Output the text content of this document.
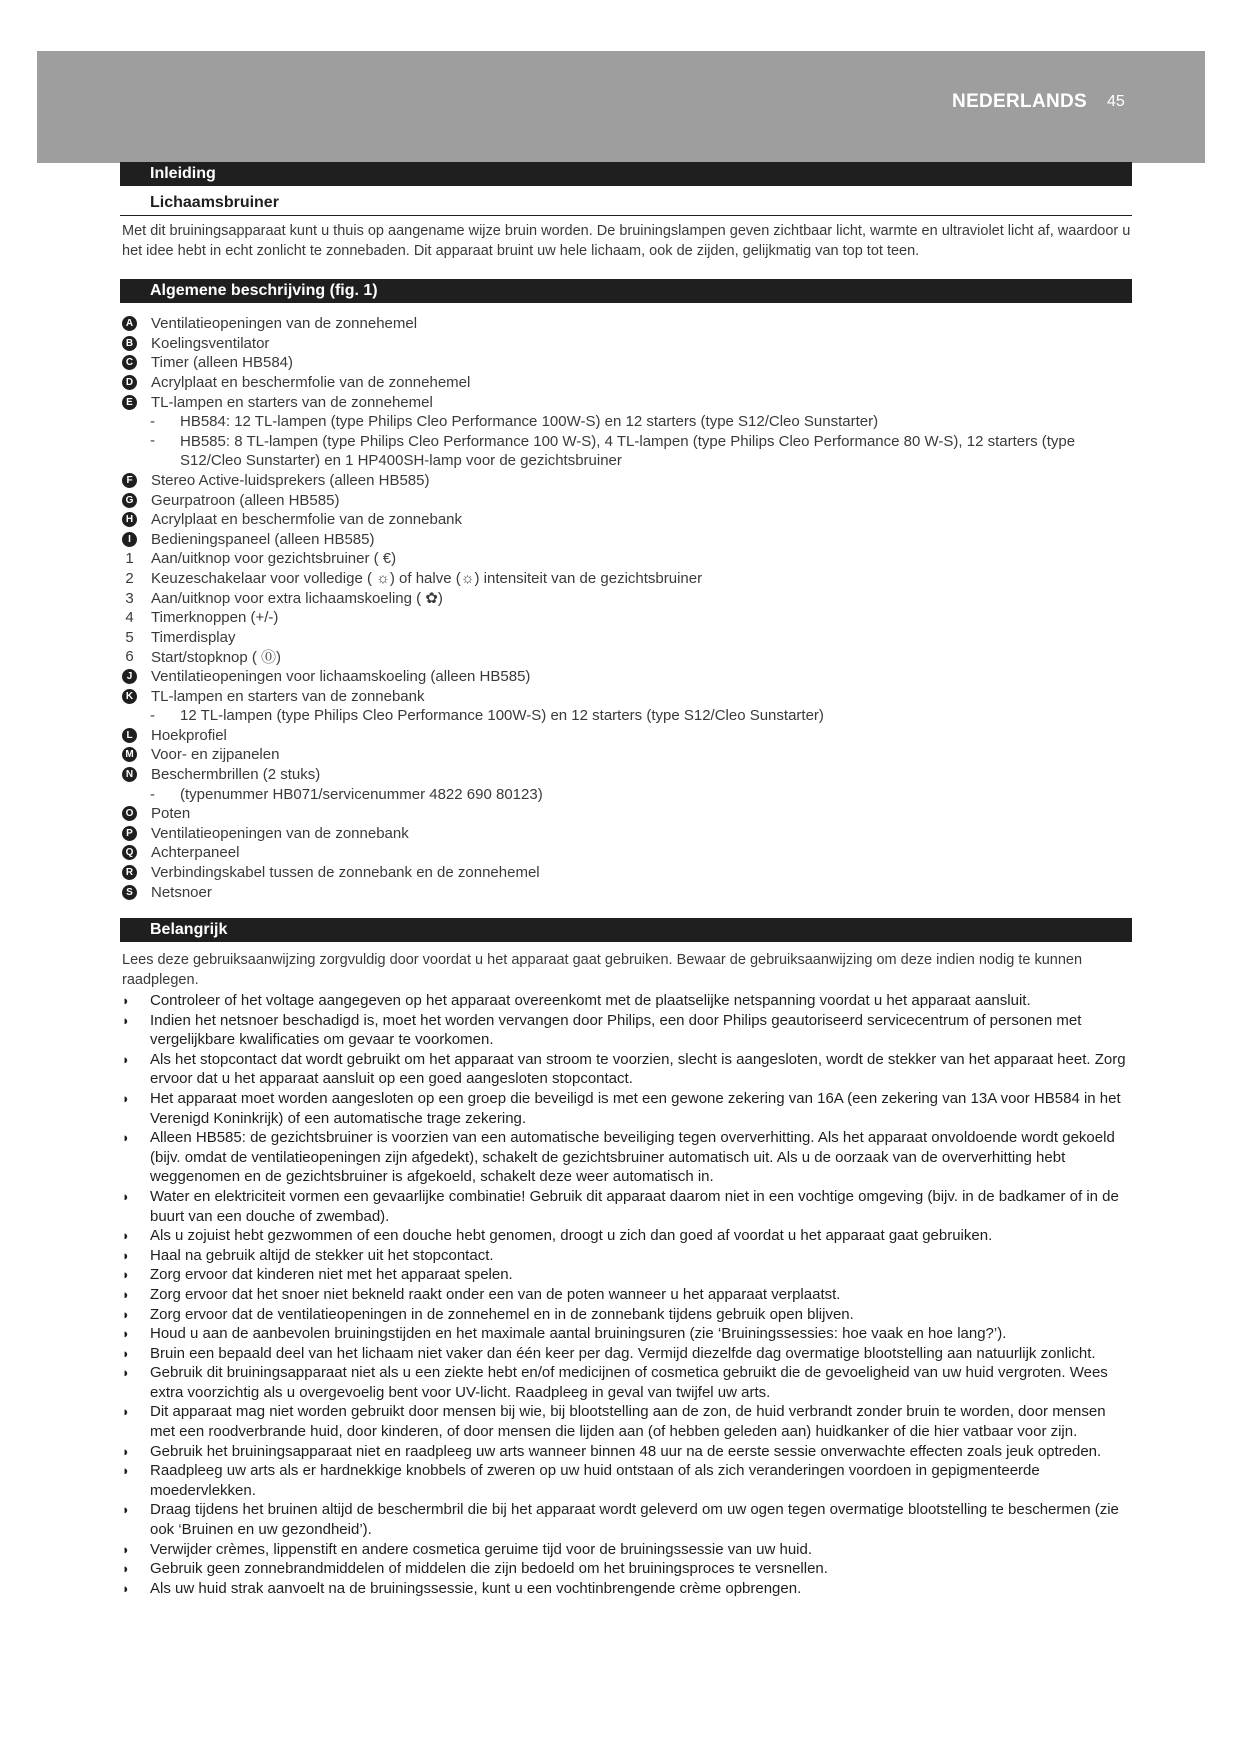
NEDERLANDS 45
Inleiding
Lichaamsbruiner
Met dit bruiningsapparaat kunt u thuis op aangename wijze bruin worden. De bruiningslampen geven zichtbaar licht, warmte en ultraviolet licht af, waardoor u het idee hebt in echt zonlicht te zonnebaden. Dit apparaat bruint uw hele lichaam, ook de zijden, gelijkmatig van top tot teen.
Algemene beschrijving (fig. 1)
A Ventilatieopeningen van de zonnehemel
B Koelingsventilator
C Timer (alleen HB584)
D Acrylplaat en beschermfolie van de zonnehemel
E TL-lampen en starters van de zonnehemel
-	HB584: 12 TL-lampen (type Philips Cleo Performance 100W-S) en 12 starters (type S12/Cleo Sunstarter)
-	HB585: 8 TL-lampen (type Philips Cleo Performance 100 W-S), 4 TL-lampen (type Philips Cleo Performance 80 W-S), 12 starters (type S12/Cleo Sunstarter) en 1 HP400SH-lamp voor de gezichtsbruiner
F Stereo Active-luidsprekers (alleen HB585)
G Geurpatroon (alleen HB585)
H Acrylplaat en beschermfolie van de zonnebank
I	Bedieningspaneel (alleen HB585)
1 Aan/uitknop voor gezichtsbruiner ( €)
2 Keuzeschakelaar voor volledige ( ☼) of halve (☼) intensiteit van de gezichtsbruiner
3 Aan/uitknop voor extra lichaamskoeling ( ✿)
4 Timerknoppen (+/-)
5 Timerdisplay
6 Start/stopknop ( ⓪)
J	Ventilatieopeningen voor lichaamskoeling (alleen HB585)
K TL-lampen en starters van de zonnebank
-	12 TL-lampen (type Philips Cleo Performance 100W-S) en 12 starters (type S12/Cleo Sunstarter)
L Hoekprofiel
M Voor- en zijpanelen
N Beschermbrillen (2 stuks)
-	(typenummer HB071/servicenummer 4822 690 80123)
O Poten
P Ventilatieopeningen van de zonnebank
Q Achterpaneel
R Verbindingskabel tussen de zonnebank en de zonnehemel
S Netsnoer
Belangrijk
Lees deze gebruiksaanwijzing zorgvuldig door voordat u het apparaat gaat gebruiken. Bewaar de gebruiksaanwijzing om deze indien nodig te kunnen raadplegen.
◗	Controleer of het voltage aangegeven op het apparaat overeenkomt met de plaatselijke netspanning voordat u het apparaat aansluit.
◗	Indien het netsnoer beschadigd is, moet het worden vervangen door Philips, een door Philips geautoriseerd servicecentrum of personen met vergelijkbare kwalificaties om gevaar te voorkomen.
◗	Als het stopcontact dat wordt gebruikt om het apparaat van stroom te voorzien, slecht is aangesloten, wordt de stekker van het apparaat heet. Zorg ervoor dat u het apparaat aansluit op een goed aangesloten stopcontact.
◗	Het apparaat moet worden aangesloten op een groep die beveiligd is met een gewone zekering van 16A (een zekering van 13A voor HB584 in het Verenigd Koninkrijk) of een automatische trage zekering.
◗	Alleen HB585: de gezichtsbruiner is voorzien van een automatische beveiliging tegen oververhitting. Als het apparaat onvoldoende wordt gekoeld (bijv. omdat de ventilatieopeningen zijn afgedekt), schakelt de gezichtsbruiner automatisch uit. Als u de oorzaak van de oververhitting hebt weggenomen en de gezichtsbruiner is afgekoeld, schakelt deze weer automatisch in.
◗	Water en elektriciteit vormen een gevaarlijke combinatie! Gebruik dit apparaat daarom niet in een vochtige omgeving (bijv. in de badkamer of in de buurt van een douche of zwembad).
◗	Als u zojuist hebt gezwommen of een douche hebt genomen, droogt u zich dan goed af voordat u het apparaat gaat gebruiken.
◗	Haal na gebruik altijd de stekker uit het stopcontact.
◗	Zorg ervoor dat kinderen niet met het apparaat spelen.
◗	Zorg ervoor dat het snoer niet bekneld raakt onder een van de poten wanneer u het apparaat verplaatst.
◗	Zorg ervoor dat de ventilatieopeningen in de zonnehemel en in de zonnebank tijdens gebruik open blijven.
◗	Houd u aan de aanbevolen bruiningstijden en het maximale aantal bruiningsuren (zie ‘Bruiningssessies: hoe vaak en hoe lang?’).
◗	Bruin een bepaald deel van het lichaam niet vaker dan één keer per dag. Vermijd diezelfde dag overmatige blootstelling aan natuurlijk zonlicht.
◗	Gebruik dit bruiningsapparaat niet als u een ziekte hebt en/of medicijnen of cosmetica gebruikt die de gevoeligheid van uw huid vergroten. Wees extra voorzichtig als u overgevoelig bent voor UV-licht. Raadpleeg in geval van twijfel uw arts.
◗	Dit apparaat mag niet worden gebruikt door mensen bij wie, bij blootstelling aan de zon, de huid verbrandt zonder bruin te worden, door mensen met een roodverbrande huid, door kinderen, of door mensen die lijden aan (of hebben geleden aan) huidkanker of die hier vatbaar voor zijn.
◗	Gebruik het bruiningsapparaat niet en raadpleeg uw arts wanneer binnen 48 uur na de eerste sessie onverwachte effecten zoals jeuk optreden.
◗	Raadpleeg uw arts als er hardnekkige knobbels of zweren op uw huid ontstaan of als zich veranderingen voordoen in gepigmenteerde moedervlekken.
◗	Draag tijdens het bruinen altijd de beschermbril die bij het apparaat wordt geleverd om uw ogen tegen overmatige blootstelling te beschermen (zie ook ‘Bruinen en uw gezondheid’).
◗	Verwijder crèmes, lippenstift en andere cosmetica geruime tijd voor de bruiningssessie van uw huid.
◗	Gebruik geen zonnebrandmiddelen of middelen die zijn bedoeld om het bruiningsproces te versnellen.
◗	Als uw huid strak aanvoelt na de bruiningssessie, kunt u een vochtinbrengende crème opbrengen.
